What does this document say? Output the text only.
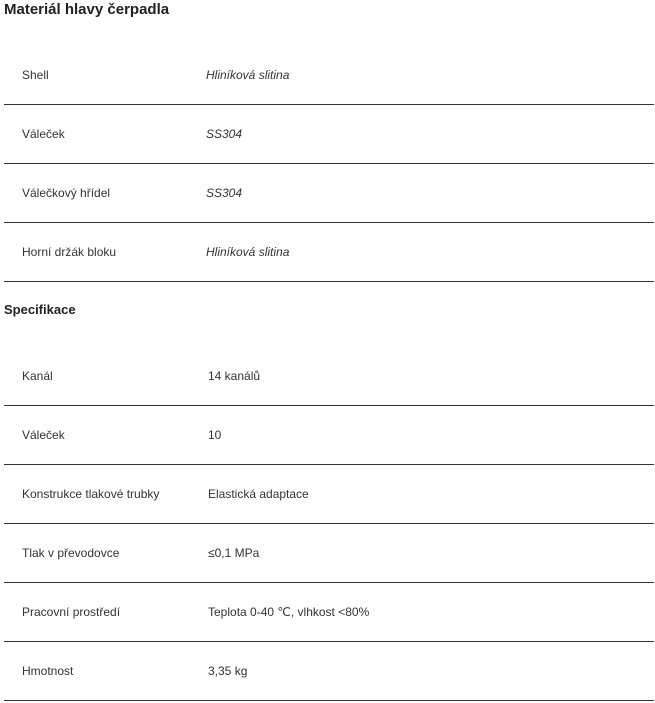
Materiál hlavy čerpadla
Shell	Hliníková slitina
Váleček	SS304
Válečkový hřídel	SS304
Horní držák bloku	Hliníková slitina
Specifikace
Kanál	14 kanálů
Váleček	10
Konstrukce tlakové trubky	Elastická adaptace
Tlak v převodovce	≤0,1 MPa
Pracovní prostředí	Teplota 0-40 ℃, vlhkost <80%
Hmotnost	3,35 kg
